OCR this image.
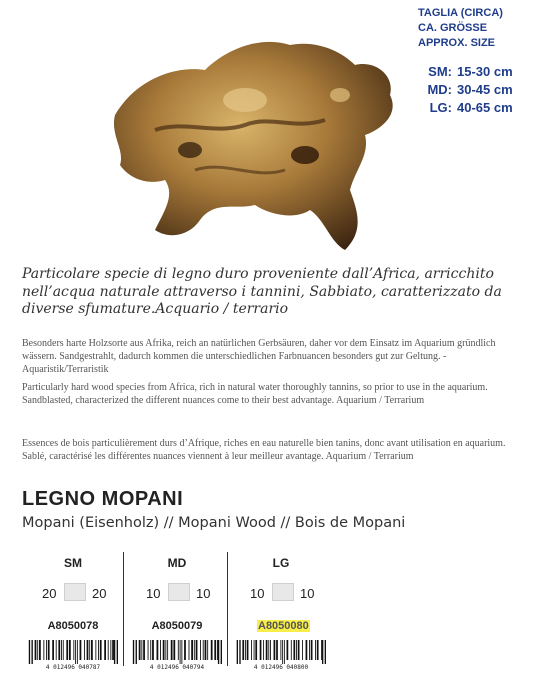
TAGLIA (CIRCA)
CA. GRÖSSE
APPROX. SIZE
SM: 15-30 cm
MD: 30-45 cm
LG: 40-65 cm
Particolare specie di legno duro proveniente dall’Africa, arricchito nell’acqua naturale attraverso i tannini, Sabbiato, caratterizzato da diverse sfumature.Acquario / terrario
Besonders harte Holzsorte aus Afrika, reich an natürlichen Gerbsäuren, daher vor dem Einsatz im Aquarium gründlich wässern. Sandgestrahlt, dadurch kommen die unterschiedlichen Farbnuancen besonders gut zur Geltung. - Aquaristik/Terraristik
Particularly hard wood species from Africa, rich in natural water thoroughly tannins, so prior to use in the aquarium. Sandblasted, characterized the different nuances come to their best advantage. Aquarium / Terrarium
Essences de bois particulièrement durs d’Afrique, riches en eau naturelle bien tanins, donc avant utilisation en aquarium. Sablé, caractérisé les différentes nuances viennent à leur meilleur avantage. Aquarium / Terrarium
LEGNO MOPANI
Mopani (Eisenholz) // Mopani Wood // Bois de Mopani
SM
20	20
A8050078
4 012496 040787
MD
10	10
A8050079
4 012496 040794
LG
10	10
A8050080
4 012496 040800
